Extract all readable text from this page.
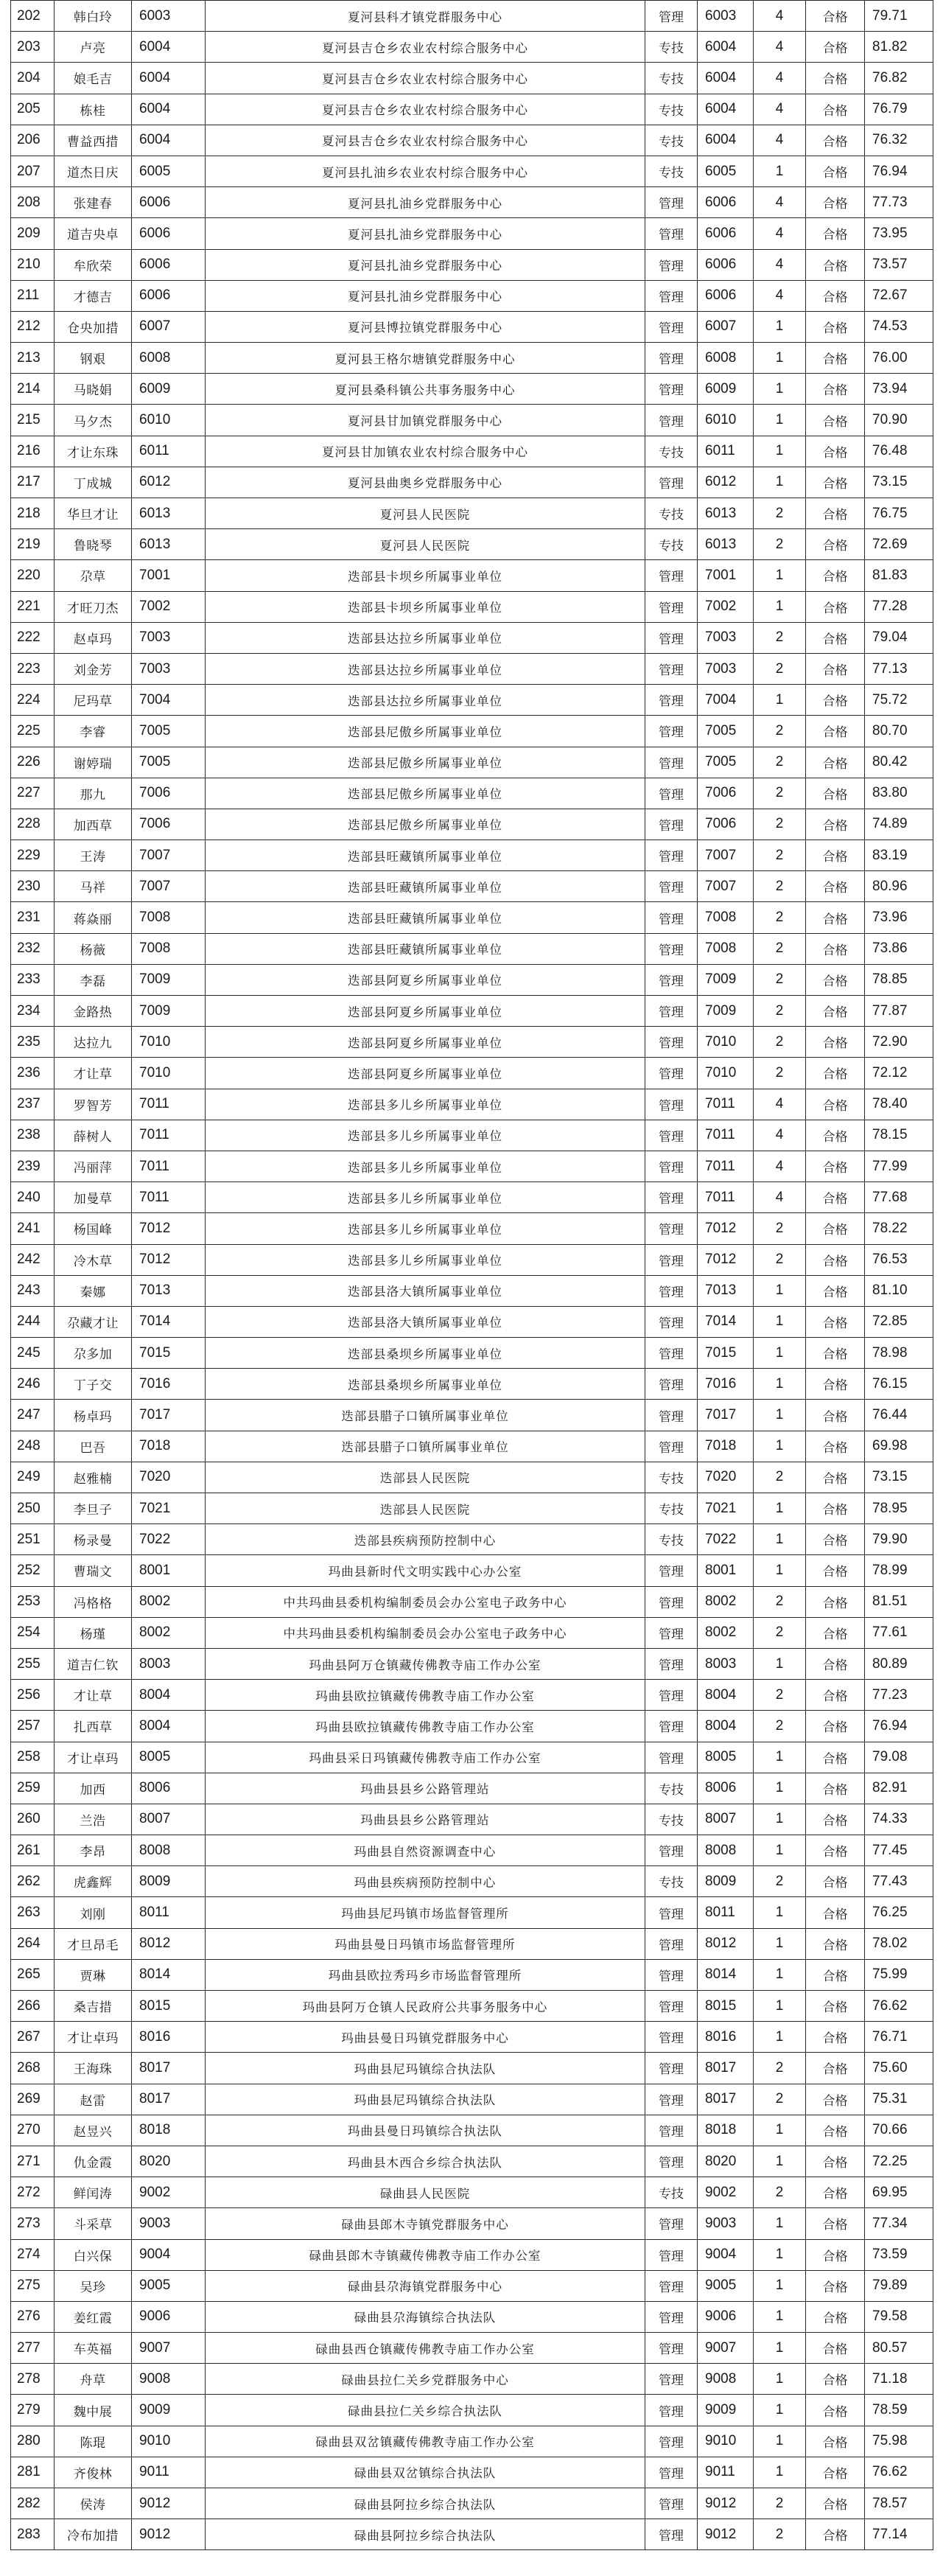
202	韩白玲	6003	夏河县科才镇党群服务中心	管理	6003	4	合格	79.71
203	卢亮	6004	夏河县吉仓乡农业农村综合服务中心	专技	6004	4	合格	81.82
204	娘毛吉	6004	夏河县吉仓乡农业农村综合服务中心	专技	6004	4	合格	76.82
205	栋桂	6004	夏河县吉仓乡农业农村综合服务中心	专技	6004	4	合格	76.79
206	曹益西措	6004	夏河县吉仓乡农业农村综合服务中心	专技	6004	4	合格	76.32
207	道杰日庆	6005	夏河县扎油乡农业农村综合服务中心	专技	6005	1	合格	76.94
208	张建春	6006	夏河县扎油乡党群服务中心	管理	6006	4	合格	77.73
209	道吉央卓	6006	夏河县扎油乡党群服务中心	管理	6006	4	合格	73.95
210	牟欣荣	6006	夏河县扎油乡党群服务中心	管理	6006	4	合格	73.57
211	才德吉	6006	夏河县扎油乡党群服务中心	管理	6006	4	合格	72.67
212	仓央加措	6007	夏河县博拉镇党群服务中心	管理	6007	1	合格	74.53
213	钢艰	6008	夏河县王格尔塘镇党群服务中心	管理	6008	1	合格	76.00
214	马晓娟	6009	夏河县桑科镇公共事务服务中心	管理	6009	1	合格	73.94
215	马夕杰	6010	夏河县甘加镇党群服务中心	管理	6010	1	合格	70.90
216	才让东珠	6011	夏河县甘加镇农业农村综合服务中心	专技	6011	1	合格	76.48
217	丁成城	6012	夏河县曲奥乡党群服务中心	管理	6012	1	合格	73.15
218	华旦才让	6013	夏河县人民医院	专技	6013	2	合格	76.75
219	鲁晓琴	6013	夏河县人民医院	专技	6013	2	合格	72.69
220	尕草	7001	迭部县卡坝乡所属事业单位	管理	7001	1	合格	81.83
221	才旺刀杰	7002	迭部县卡坝乡所属事业单位	管理	7002	1	合格	77.28
222	赵卓玛	7003	迭部县达拉乡所属事业单位	管理	7003	2	合格	79.04
223	刘金芳	7003	迭部县达拉乡所属事业单位	管理	7003	2	合格	77.13
224	尼玛草	7004	迭部县达拉乡所属事业单位	管理	7004	1	合格	75.72
225	李睿	7005	迭部县尼傲乡所属事业单位	管理	7005	2	合格	80.70
226	谢婷瑞	7005	迭部县尼傲乡所属事业单位	管理	7005	2	合格	80.42
227	那九	7006	迭部县尼傲乡所属事业单位	管理	7006	2	合格	83.80
228	加西草	7006	迭部县尼傲乡所属事业单位	管理	7006	2	合格	74.89
229	王涛	7007	迭部县旺藏镇所属事业单位	管理	7007	2	合格	83.19
230	马祥	7007	迭部县旺藏镇所属事业单位	管理	7007	2	合格	80.96
231	蒋焱丽	7008	迭部县旺藏镇所属事业单位	管理	7008	2	合格	73.96
232	杨薇	7008	迭部县旺藏镇所属事业单位	管理	7008	2	合格	73.86
233	李磊	7009	迭部县阿夏乡所属事业单位	管理	7009	2	合格	78.85
234	金路热	7009	迭部县阿夏乡所属事业单位	管理	7009	2	合格	77.87
235	达拉九	7010	迭部县阿夏乡所属事业单位	管理	7010	2	合格	72.90
236	才让草	7010	迭部县阿夏乡所属事业单位	管理	7010	2	合格	72.12
237	罗智芳	7011	迭部县多儿乡所属事业单位	管理	7011	4	合格	78.40
238	薛树人	7011	迭部县多儿乡所属事业单位	管理	7011	4	合格	78.15
239	冯丽萍	7011	迭部县多儿乡所属事业单位	管理	7011	4	合格	77.99
240	加曼草	7011	迭部县多儿乡所属事业单位	管理	7011	4	合格	77.68
241	杨国峰	7012	迭部县多儿乡所属事业单位	管理	7012	2	合格	78.22
242	冷木草	7012	迭部县多儿乡所属事业单位	管理	7012	2	合格	76.53
243	秦娜	7013	迭部县洛大镇所属事业单位	管理	7013	1	合格	81.10
244	尕藏才让	7014	迭部县洛大镇所属事业单位	管理	7014	1	合格	72.85
245	尕多加	7015	迭部县桑坝乡所属事业单位	管理	7015	1	合格	78.98
246	丁子交	7016	迭部县桑坝乡所属事业单位	管理	7016	1	合格	76.15
247	杨卓玛	7017	迭部县腊子口镇所属事业单位	管理	7017	1	合格	76.44
248	巴吾	7018	迭部县腊子口镇所属事业单位	管理	7018	1	合格	69.98
249	赵雅楠	7020	迭部县人民医院	专技	7020	2	合格	73.15
250	李旦子	7021	迭部县人民医院	专技	7021	1	合格	78.95
251	杨录曼	7022	迭部县疾病预防控制中心	专技	7022	1	合格	79.90
252	曹瑞文	8001	玛曲县新时代文明实践中心办公室	管理	8001	1	合格	78.99
253	冯格格	8002	中共玛曲县委机构编制委员会办公室电子政务中心	管理	8002	2	合格	81.51
254	杨瑾	8002	中共玛曲县委机构编制委员会办公室电子政务中心	管理	8002	2	合格	77.61
255	道吉仁钦	8003	玛曲县阿万仓镇藏传佛教寺庙工作办公室	管理	8003	1	合格	80.89
256	才让草	8004	玛曲县欧拉镇藏传佛教寺庙工作办公室	管理	8004	2	合格	77.23
257	扎西草	8004	玛曲县欧拉镇藏传佛教寺庙工作办公室	管理	8004	2	合格	76.94
258	才让卓玛	8005	玛曲县采日玛镇藏传佛教寺庙工作办公室	管理	8005	1	合格	79.08
259	加西	8006	玛曲县县乡公路管理站	专技	8006	1	合格	82.91
260	兰浩	8007	玛曲县县乡公路管理站	专技	8007	1	合格	74.33
261	李昂	8008	玛曲县自然资源调查中心	管理	8008	1	合格	77.45
262	虎鑫辉	8009	玛曲县疾病预防控制中心	专技	8009	2	合格	77.43
263	刘刚	8011	玛曲县尼玛镇市场监督管理所	管理	8011	1	合格	76.25
264	才旦昂毛	8012	玛曲县曼日玛镇市场监督管理所	管理	8012	1	合格	78.02
265	贾琳	8014	玛曲县欧拉秀玛乡市场监督管理所	管理	8014	1	合格	75.99
266	桑吉措	8015	玛曲县阿万仓镇人民政府公共事务服务中心	管理	8015	1	合格	76.62
267	才让卓玛	8016	玛曲县曼日玛镇党群服务中心	管理	8016	1	合格	76.71
268	王海珠	8017	玛曲县尼玛镇综合执法队	管理	8017	2	合格	75.60
269	赵雷	8017	玛曲县尼玛镇综合执法队	管理	8017	2	合格	75.31
270	赵昱兴	8018	玛曲县曼日玛镇综合执法队	管理	8018	1	合格	70.66
271	仇金霞	8020	玛曲县木西合乡综合执法队	管理	8020	1	合格	72.25
272	鲜闰涛	9002	碌曲县人民医院	专技	9002	2	合格	69.95
273	斗采草	9003	碌曲县郎木寺镇党群服务中心	管理	9003	1	合格	77.34
274	白兴保	9004	碌曲县郎木寺镇藏传佛教寺庙工作办公室	管理	9004	1	合格	73.59
275	吴珍	9005	碌曲县尕海镇党群服务中心	管理	9005	1	合格	79.89
276	姜红霞	9006	碌曲县尕海镇综合执法队	管理	9006	1	合格	79.58
277	车英福	9007	碌曲县西仓镇藏传佛教寺庙工作办公室	管理	9007	1	合格	80.57
278	舟草	9008	碌曲县拉仁关乡党群服务中心	管理	9008	1	合格	71.18
279	魏中展	9009	碌曲县拉仁关乡综合执法队	管理	9009	1	合格	78.59
280	陈琨	9010	碌曲县双岔镇藏传佛教寺庙工作办公室	管理	9010	1	合格	75.98
281	齐俊林	9011	碌曲县双岔镇综合执法队	管理	9011	1	合格	76.62
282	侯涛	9012	碌曲县阿拉乡综合执法队	管理	9012	2	合格	78.57
283	冷布加措	9012	碌曲县阿拉乡综合执法队	管理	9012	2	合格	77.14
